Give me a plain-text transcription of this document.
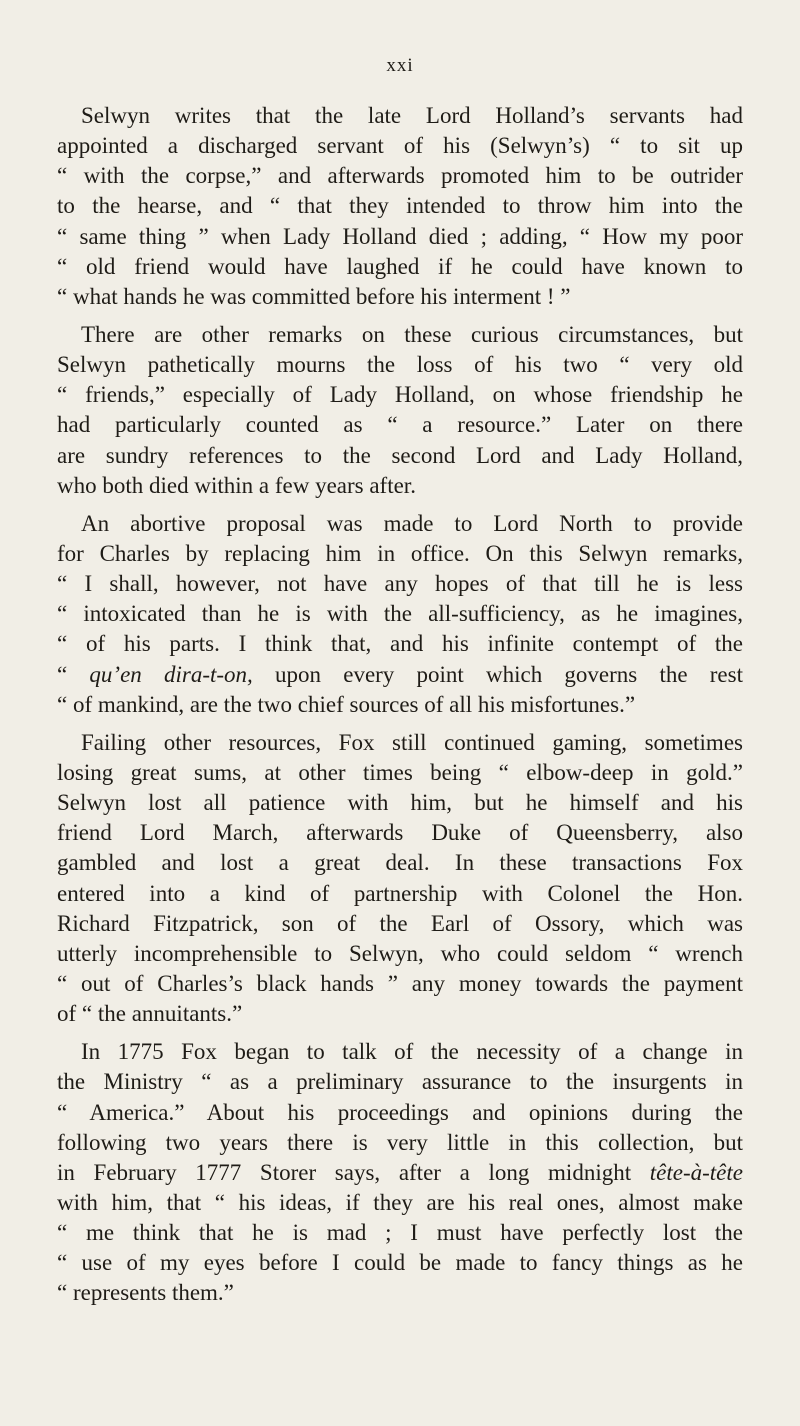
xxi
Selwyn writes that the late Lord Holland’s servants had
appointed a discharged servant of his (Selwyn’s) “ to sit up
“ with the corpse,” and afterwards promoted him to be outrider
to the hearse, and “ that they intended to throw him into the
“ same thing ” when Lady Holland died ; adding, “ How my poor
“ old friend would have laughed if he could have known to
“ what hands he was committed before his interment ! ”
There are other remarks on these curious circumstances, but
Selwyn pathetically mourns the loss of his two “ very old
“ friends,” especially of Lady Holland, on whose friendship he
had particularly counted as “ a resource.” Later on there
are sundry references to the second Lord and Lady Holland,
who both died within a few years after.
An abortive proposal was made to Lord North to provide
for Charles by replacing him in office. On this Selwyn remarks,
“ I shall, however, not have any hopes of that till he is less
“ intoxicated than he is with the all-sufficiency, as he imagines,
“ of his parts. I think that, and his infinite contempt of the
“ qu’en dira-t-on, upon every point which governs the rest
“ of mankind, are the two chief sources of all his misfortunes.”
Failing other resources, Fox still continued gaming, sometimes
losing great sums, at other times being “ elbow-deep in gold.”
Selwyn lost all patience with him, but he himself and his
friend Lord March, afterwards Duke of Queensberry, also
gambled and lost a great deal. In these transactions Fox
entered into a kind of partnership with Colonel the Hon.
Richard Fitzpatrick, son of the Earl of Ossory, which was
utterly incomprehensible to Selwyn, who could seldom “ wrench
“ out of Charles’s black hands ” any money towards the payment
of “ the annuitants.”
In 1775 Fox began to talk of the necessity of a change in
the Ministry “ as a preliminary assurance to the insurgents in
“ America.” About his proceedings and opinions during the
following two years there is very little in this collection, but
in February 1777 Storer says, after a long midnight tête-à-tête
with him, that “ his ideas, if they are his real ones, almost make
“ me think that he is mad ; I must have perfectly lost the
“ use of my eyes before I could be made to fancy things as he
“ represents them.”
